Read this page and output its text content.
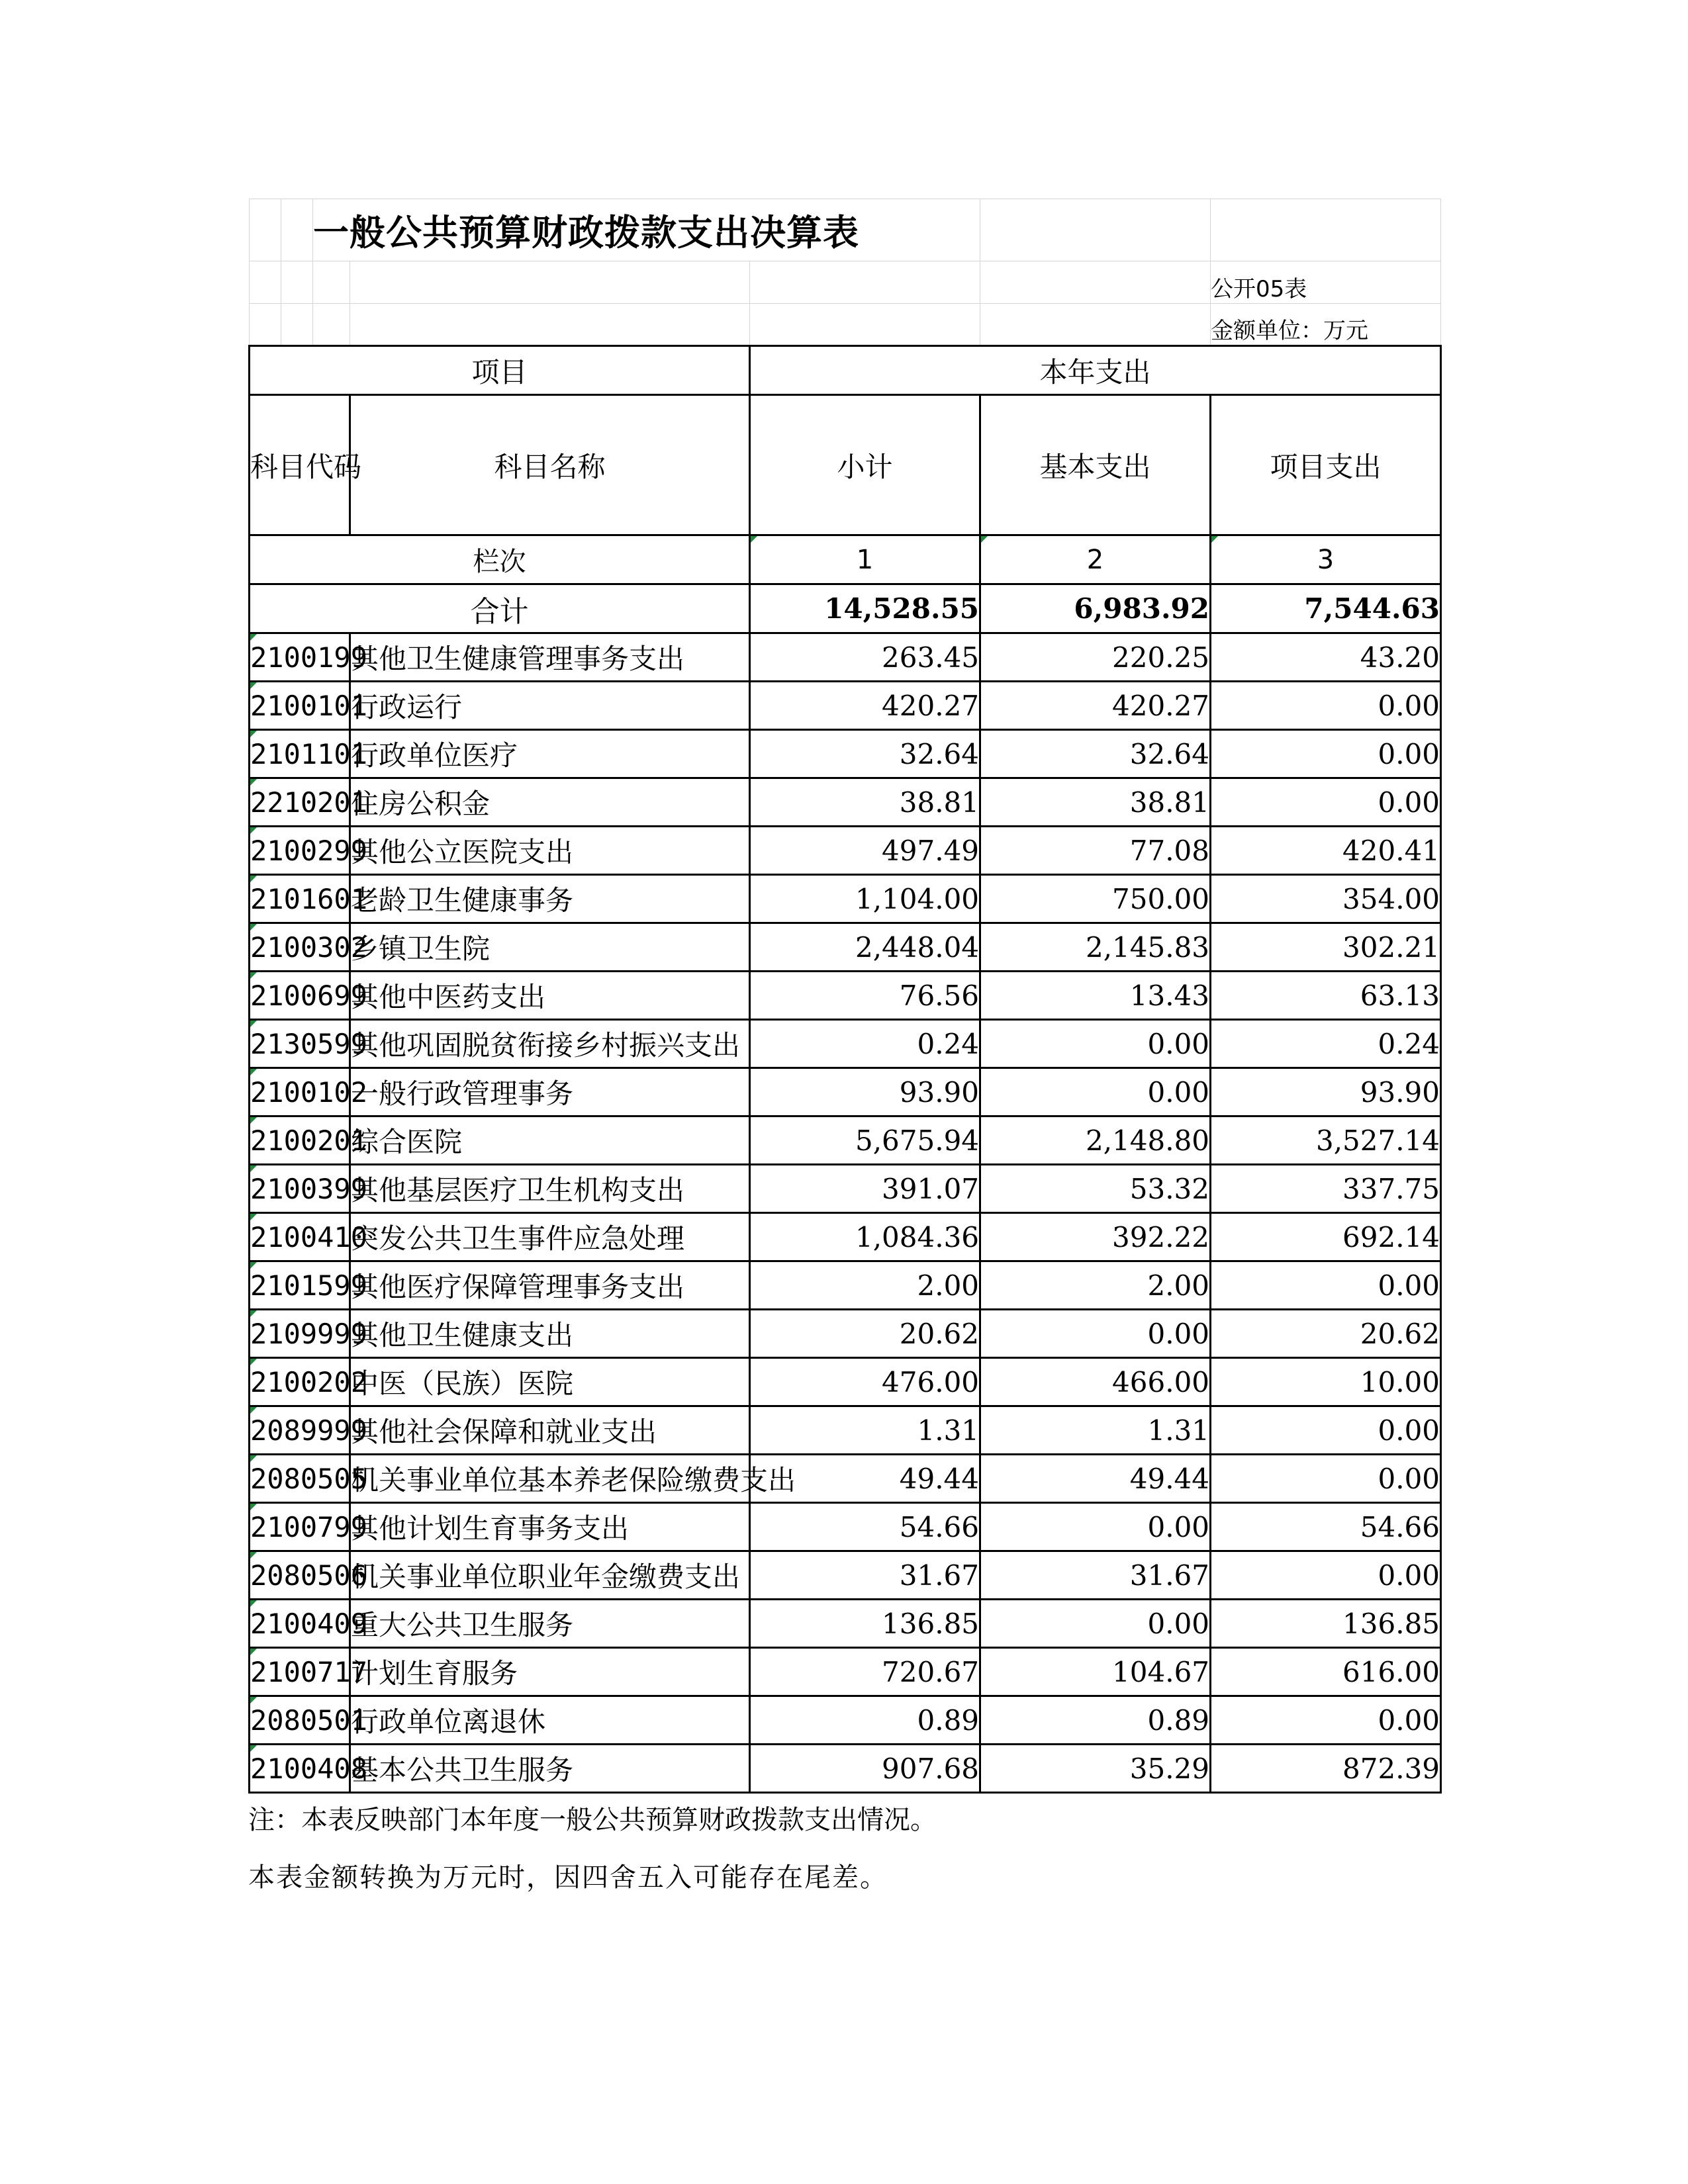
		一般公共预算财政拨款支出决算表				
						公开05表
						金额单位：万元
项目				本年支出		
科目代码			科目名称	小计	基本支出	项目支出
栏次				1	2	3
合计				14,528.55	6,983.92	7,544.63
2100199			其他卫生健康管理事务支出	263.45	220.25	43.20
2100101			行政运行	420.27	420.27	0.00
2101101			行政单位医疗	32.64	32.64	0.00
2210201			住房公积金	38.81	38.81	0.00
2100299			其他公立医院支出	497.49	77.08	420.41
2101601			老龄卫生健康事务	1,104.00	750.00	354.00
2100302			乡镇卫生院	2,448.04	2,145.83	302.21
2100699			其他中医药支出	76.56	13.43	63.13
2130599			其他巩固脱贫衔接乡村振兴支出	0.24	0.00	0.24
2100102			一般行政管理事务	93.90	0.00	93.90
2100201			综合医院	5,675.94	2,148.80	3,527.14
2100399			其他基层医疗卫生机构支出	391.07	53.32	337.75
2100410			突发公共卫生事件应急处理	1,084.36	392.22	692.14
2101599			其他医疗保障管理事务支出	2.00	2.00	0.00
2109999			其他卫生健康支出	20.62	0.00	20.62
2100202			中医（民族）医院	476.00	466.00	10.00
2089999			其他社会保障和就业支出	1.31	1.31	0.00
2080505			机关事业单位基本养老保险缴费支出	49.44	49.44	0.00
2100799			其他计划生育事务支出	54.66	0.00	54.66
2080506			机关事业单位职业年金缴费支出	31.67	31.67	0.00
2100409			重大公共卫生服务	136.85	0.00	136.85
2100717			计划生育服务	720.67	104.67	616.00
2080501			行政单位离退休	0.89	0.89	0.00
2100408			基本公共卫生服务	907.68	35.29	872.39
注：本表反映部门本年度一般公共预算财政拨款支出情况。
本表金额转换为万元时，因四舍五入可能存在尾差。
